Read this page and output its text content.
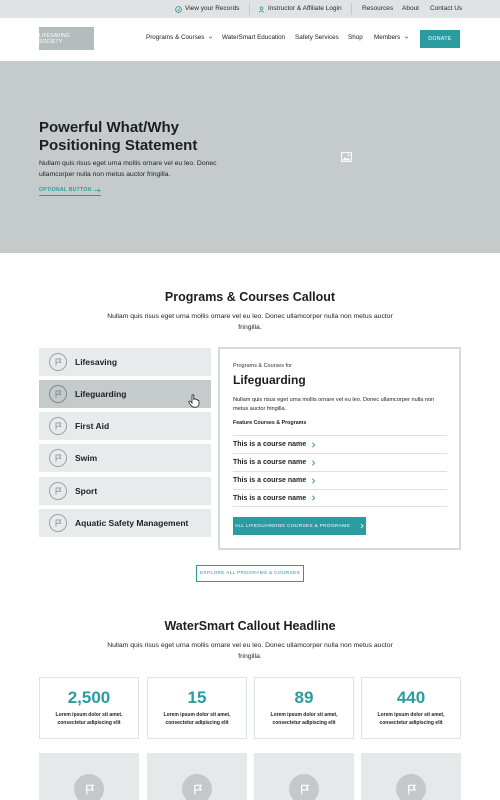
View your Records	Instructor & Affiliate Login	Resources About Contact Us
LIFESAVING SOCIETY
Programs & Courses	WaterSmart Education Safety Services Shop Members	DONATE
Powerful What/Why Positioning Statement
Nullam quis risus eget urna mollis ornare vel eu leo. Donec ullamcorper nulla non metus auctor fringilla.
OPTIONAL BUTTON
Programs & Courses Callout
Nullam quis risus eget urna mollis ornare vel eu leo. Donec ullamcorper nulla non metus auctor fringilla.
Lifesaving
Lifeguarding
First Aid
Swim
Sport
Aquatic Safety Management
Programs & Courses for
Lifeguarding
Nullam quis risus eget urna mollis ornare vel eu leo. Donec ullamcorper nulla non metus auctor fringilla.
Feature Courses & Programs
This is a course name
This is a course name
This is a course name
This is a course name
ALL LIFEGUARDING COURSES & PROGRAMS
EXPLORE ALL PROGRAMS & COURSES
WaterSmart Callout Headline
Nullam quis risus eget urna mollis ornare vel eu leo. Donec ullamcorper nulla non metus auctor fringilla.
2,500
Lorem ipsum dolor sit amet,
consectetur adipiscing elit
15
Lorem ipsum dolor sit amet,
consectetur adipiscing elit
89
Lorem ipsum dolor sit amet,
consectetur adipiscing elit
440
Lorem ipsum dolor sit amet,
consectetur adipiscing elit
